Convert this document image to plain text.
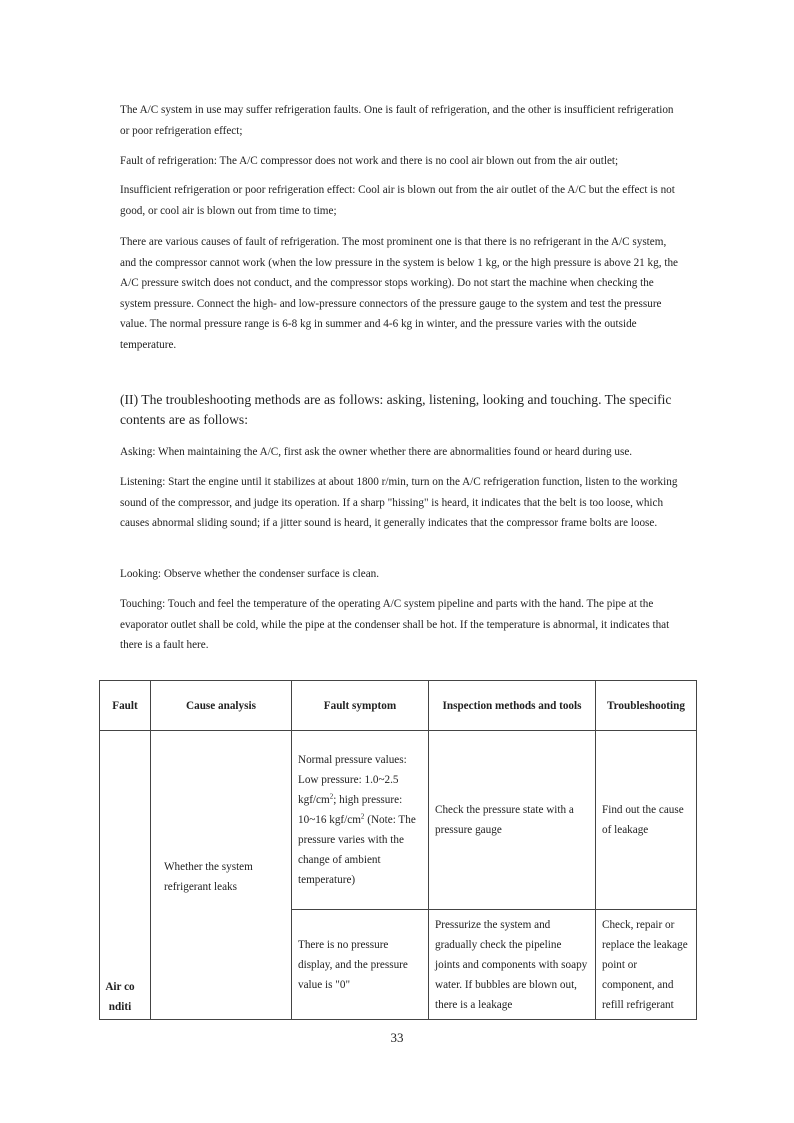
The A/C system in use may suffer refrigeration faults. One is fault of refrigeration, and the other is insufficient refrigeration or poor refrigeration effect;

Fault of refrigeration: The A/C compressor does not work and there is no cool air blown out from the air outlet;

Insufficient refrigeration or poor refrigeration effect: Cool air is blown out from the air outlet of the A/C but the effect is not good, or cool air is blown out from time to time;

There are various causes of fault of refrigeration. The most prominent one is that there is no refrigerant in the A/C system, and the compressor cannot work (when the low pressure in the system is below 1 kg, or the high pressure is above 21 kg, the A/C pressure switch does not conduct, and the compressor stops working). Do not start the machine when checking the system pressure. Connect the high- and low-pressure connectors of the pressure gauge to the system and test the pressure value. The normal pressure range is 6-8 kg in summer and 4-6 kg in winter, and the pressure varies with the outside temperature.

(II) The troubleshooting methods are as follows: asking, listening, looking and touching. The specific contents are as follows:

Asking: When maintaining the A/C, first ask the owner whether there are abnormalities found or heard during use.

Listening: Start the engine until it stabilizes at about 1800 r/min, turn on the A/C refrigeration function, listen to the working sound of the compressor, and judge its operation. If a sharp "hissing" is heard, it indicates that the belt is too loose, which causes abnormal sliding sound; if a jitter sound is heard, it generally indicates that the compressor frame bolts are loose.

Looking: Observe whether the condenser surface is clean.

Touching: Touch and feel the temperature of the operating A/C system pipeline and parts with the hand. The pipe at the evaporator outlet shall be cold, while the pipe at the condenser shall be hot. If the temperature is abnormal, it indicates that there is a fault here.

Fault	Cause analysis	Fault symptom	Inspection methods and tools	Troubleshooting

Air conditi	Whether the system refrigerant leaks	Normal pressure values: Low pressure: 1.0~2.5 kgf/$cm^2$; high pressure: 10~16 kgf/$cm^2$ (Note: The pressure varies with the change of ambient temperature)	Check the pressure state with a pressure gauge	Find out the cause of leakage

		There is no pressure display, and the pressure value is "0"	Pressurize the system and gradually check the pipeline joints and components with soapy water. If bubbles are blown out, there is a leakage	Check, repair or replace the leakage point or component, and refill refrigerant
33
